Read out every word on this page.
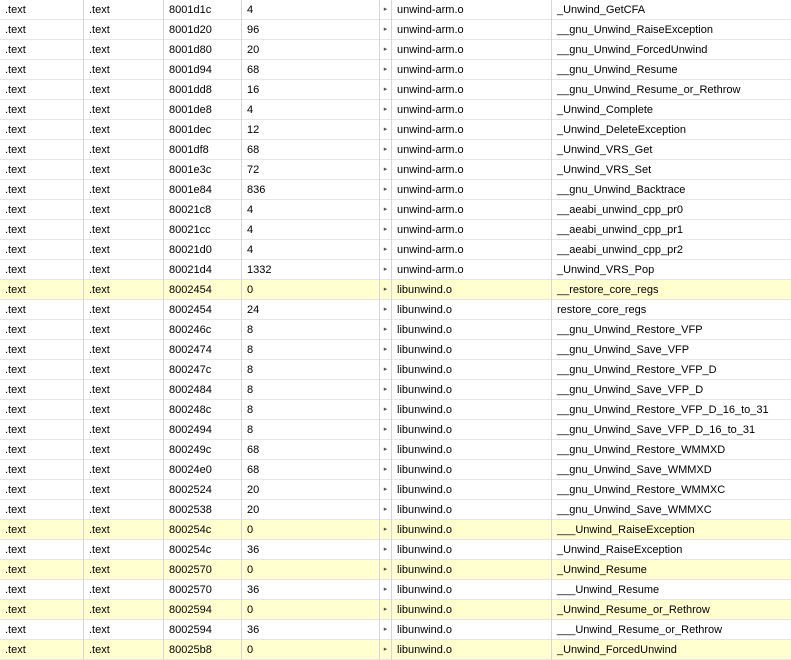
.text	.text	8001d1c	4	▸ unwind-arm.o	_Unwind_GetCFA
.text	.text	8001d20	96	▸ unwind-arm.o	__gnu_Unwind_RaiseException
.text	.text	8001d80	20	▸ unwind-arm.o	__gnu_Unwind_ForcedUnwind
.text	.text	8001d94	68	▸ unwind-arm.o	__gnu_Unwind_Resume
.text	.text	8001dd8	16	▸ unwind-arm.o	__gnu_Unwind_Resume_or_Rethrow
.text	.text	8001de8	4	▸ unwind-arm.o	_Unwind_Complete
.text	.text	8001dec	12	▸ unwind-arm.o	_Unwind_DeleteException
.text	.text	8001df8	68	▸ unwind-arm.o	_Unwind_VRS_Get
.text	.text	8001e3c	72	▸ unwind-arm.o	_Unwind_VRS_Set
.text	.text	8001e84	836	▸ unwind-arm.o	__gnu_Unwind_Backtrace
.text	.text	80021c8	4	▸ unwind-arm.o	__aeabi_unwind_cpp_pr0
.text	.text	80021cc	4	▸ unwind-arm.o	__aeabi_unwind_cpp_pr1
.text	.text	80021d0	4	▸ unwind-arm.o	__aeabi_unwind_cpp_pr2
.text	.text	80021d4	1332	▸ unwind-arm.o	_Unwind_VRS_Pop
.text	.text	8002454	0	▸ libunwind.o	__restore_core_regs
.text	.text	8002454	24	▸ libunwind.o	restore_core_regs
.text	.text	800246c	8	▸ libunwind.o	__gnu_Unwind_Restore_VFP
.text	.text	8002474	8	▸ libunwind.o	__gnu_Unwind_Save_VFP
.text	.text	800247c	8	▸ libunwind.o	__gnu_Unwind_Restore_VFP_D
.text	.text	8002484	8	▸ libunwind.o	__gnu_Unwind_Save_VFP_D
.text	.text	800248c	8	▸ libunwind.o	__gnu_Unwind_Restore_VFP_D_16_to_31
.text	.text	8002494	8	▸ libunwind.o	__gnu_Unwind_Save_VFP_D_16_to_31
.text	.text	800249c	68	▸ libunwind.o	__gnu_Unwind_Restore_WMMXD
.text	.text	80024e0	68	▸ libunwind.o	__gnu_Unwind_Save_WMMXD
.text	.text	8002524	20	▸ libunwind.o	__gnu_Unwind_Restore_WMMXC
.text	.text	8002538	20	▸ libunwind.o	__gnu_Unwind_Save_WMMXC
.text	.text	800254c	0	▸ libunwind.o	___Unwind_RaiseException
.text	.text	800254c	36	▸ libunwind.o	_Unwind_RaiseException
.text	.text	8002570	0	▸ libunwind.o	_Unwind_Resume
.text	.text	8002570	36	▸ libunwind.o	___Unwind_Resume
.text	.text	8002594	0	▸ libunwind.o	_Unwind_Resume_or_Rethrow
.text	.text	8002594	36	▸ libunwind.o	___Unwind_Resume_or_Rethrow
.text	.text	80025b8	0	▸ libunwind.o	_Unwind_ForcedUnwind
